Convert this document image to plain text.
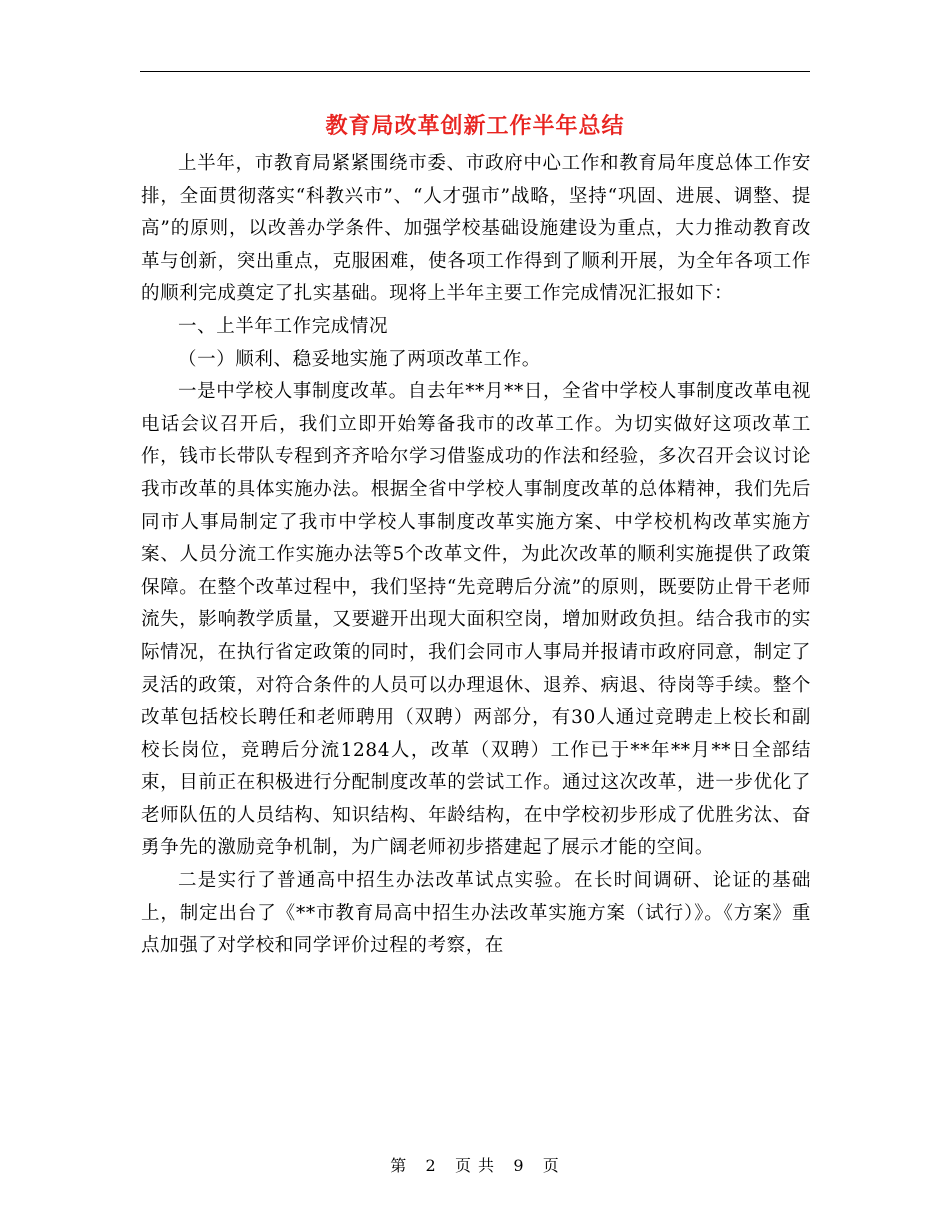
教育局改革创新工作半年总结

上半年，市教育局紧紧围绕市委、市政府中心工作和教育局年度总体工作安排，全面贯彻落实“科教兴市”、“人才强市”战略，坚持“巩固、进展、调整、提高”的原则，以改善办学条件、加强学校基础设施建设为重点，大力推动教育改革与创新，突出重点，克服困难，使各项工作得到了顺利开展，为全年各项工作的顺利完成奠定了扎实基础。现将上半年主要工作完成情况汇报如下：

一、上半年工作完成情况

（一）顺利、稳妥地实施了两项改革工作。

一是中学校人事制度改革。自去年**月**日，全省中学校人事制度改革电视电话会议召开后，我们立即开始筹备我市的改革工作。为切实做好这项改革工作，钱市长带队专程到齐齐哈尔学习借鉴成功的作法和经验，多次召开会议讨论我市改革的具体实施办法。根据全省中学校人事制度改革的总体精神，我们先后同市人事局制定了我市中学校人事制度改革实施方案、中学校机构改革实施方案、人员分流工作实施办法等5个改革文件，为此次改革的顺利实施提供了政策保障。在整个改革过程中，我们坚持“先竞聘后分流”的原则，既要防止骨干老师流失，影响教学质量，又要避开出现大面积空岗，增加财政负担。结合我市的实际情况，在执行省定政策的同时，我们会同市人事局并报请市政府同意，制定了灵活的政策，对符合条件的人员可以办理退休、退养、病退、待岗等手续。整个改革包括校长聘任和老师聘用（双聘）两部分，有30人通过竞聘走上校长和副校长岗位，竞聘后分流1284人，改革（双聘）工作已于**年**月**日全部结束，目前正在积极进行分配制度改革的尝试工作。通过这次改革，进一步优化了老师队伍的人员结构、知识结构、年龄结构，在中学校初步形成了优胜劣汰、奋勇争先的激励竞争机制，为广阔老师初步搭建起了展示才能的空间。

二是实行了普通高中招生办法改革试点实验。在长时间调研、论证的基础上，制定出台了《**市教育局高中招生办法改革实施方案（试行）》。《方案》重点加强了对学校和同学评价过程的考察，在

第 2 页 共 9 页
